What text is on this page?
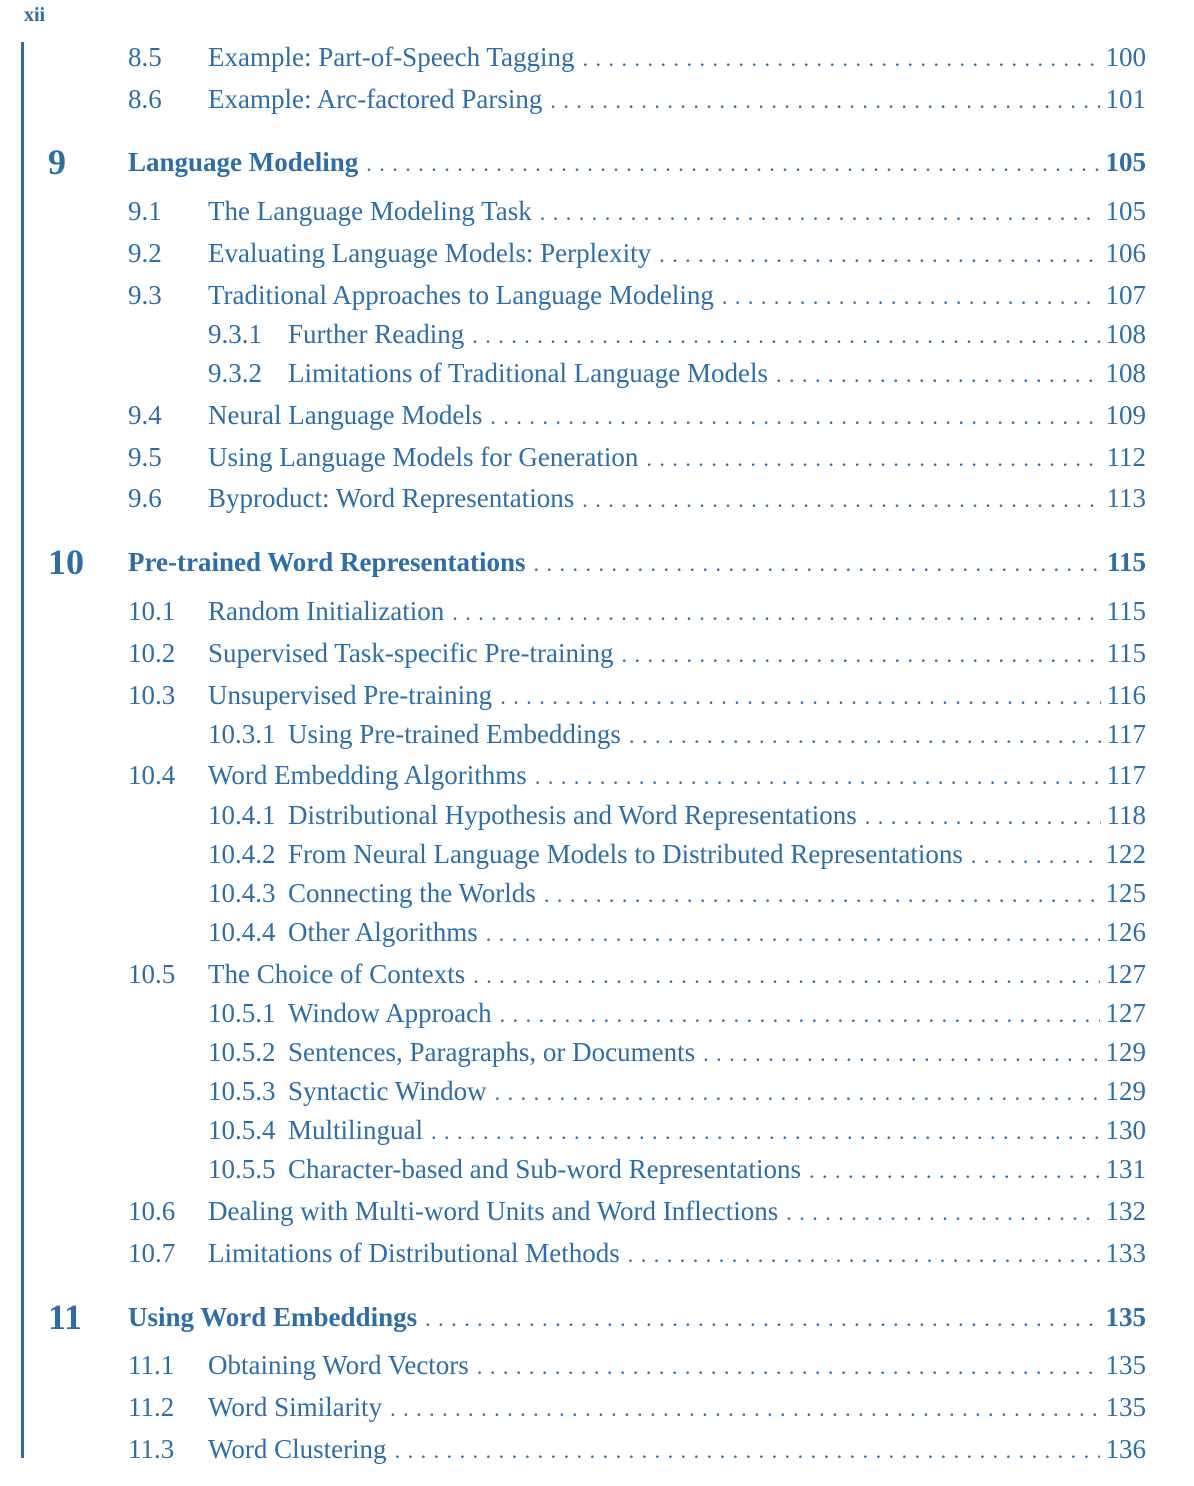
xii
8.5	Example: Part-of-Speech Tagging . . .	100
8.6	Example: Arc-factored Parsing . . .	101
9 Language Modeling . . .	105
9.1	The Language Modeling Task . . .	105
9.2	Evaluating Language Models: Perplexity . . .	106
9.3	Traditional Approaches to Language Modeling . . .	107
9.3.1 Further Reading . . .	108
9.3.2 Limitations of Traditional Language Models . . .	108
9.4	Neural Language Models . . .	109
9.5	Using Language Models for Generation . . .	112
9.6	Byproduct: Word Representations . . .	113
10 Pre-trained Word Representations . . .	115
10.1	Random Initialization . . .	115
10.2	Supervised Task-specific Pre-training . . .	115
10.3	Unsupervised Pre-training . . .	116
10.3.1 Using Pre-trained Embeddings . . .	117
10.4	Word Embedding Algorithms . . .	117
10.4.1 Distributional Hypothesis and Word Representations . . .	118
10.4.2 From Neural Language Models to Distributed Representations . . .	122
10.4.3 Connecting the Worlds . . .	125
10.4.4 Other Algorithms . . .	126
10.5	The Choice of Contexts . . .	127
10.5.1 Window Approach . . .	127
10.5.2 Sentences, Paragraphs, or Documents . . .	129
10.5.3 Syntactic Window . . .	129
10.5.4 Multilingual . . .	130
10.5.5 Character-based and Sub-word Representations . . .	131
10.6	Dealing with Multi-word Units and Word Inflections . . .	132
10.7	Limitations of Distributional Methods . . .	133
11 Using Word Embeddings . . .	135
11.1	Obtaining Word Vectors . . .	135
11.2	Word Similarity . . .	135
11.3	Word Clustering . . .	136
